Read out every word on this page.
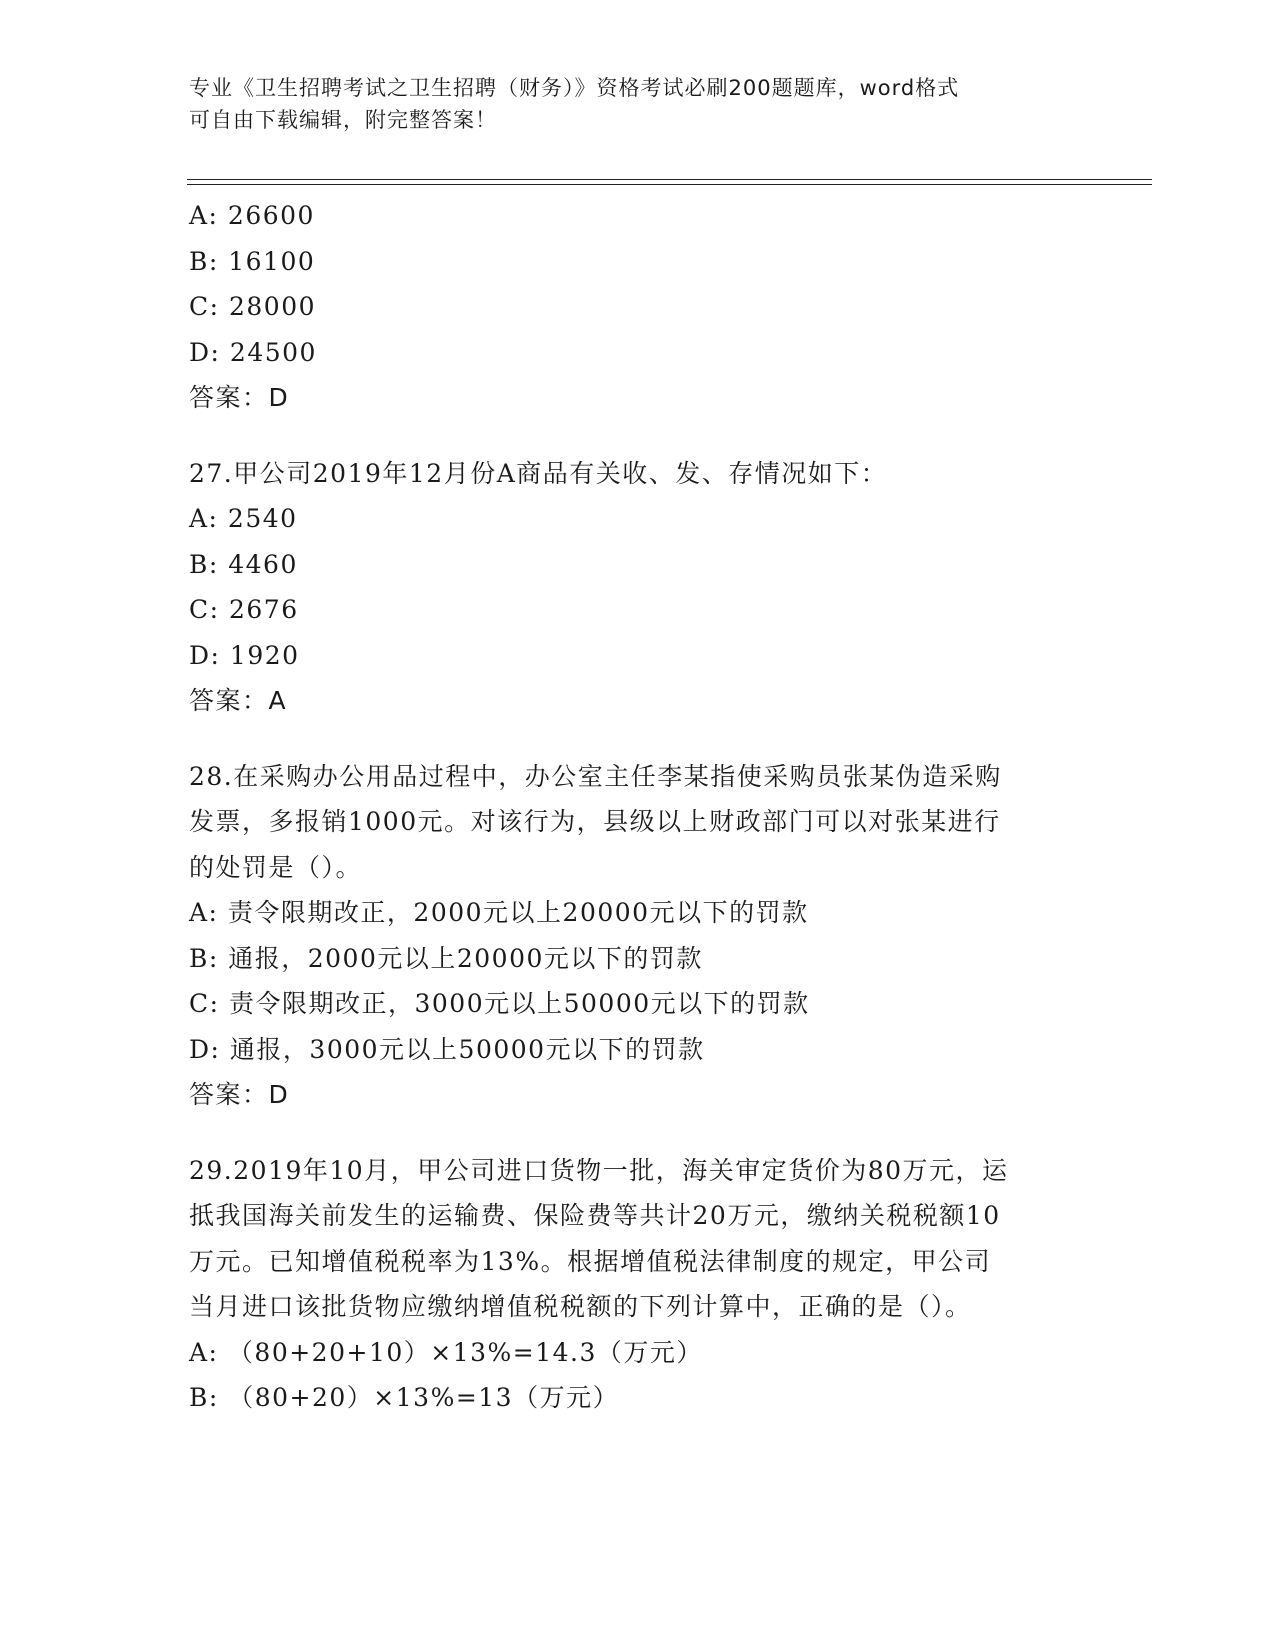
专业《卫生招聘考试之卫生招聘（财务）》资格考试必刷200题题库，word格式
可自由下载编辑，附完整答案！
A: 26600
B: 16100
C: 28000
D: 24500
答案：D
27.甲公司2019年12月份A商品有关收、发、存情况如下：
A: 2540
B: 4460
C: 2676
D: 1920
答案：A
28.在采购办公用品过程中，办公室主任李某指使采购员张某伪造采购
发票，多报销1000元。对该行为，县级以上财政部门可以对张某进行
的处罚是（）。
A: 责令限期改正，2000元以上20000元以下的罚款
B: 通报，2000元以上20000元以下的罚款
C: 责令限期改正，3000元以上50000元以下的罚款
D: 通报，3000元以上50000元以下的罚款
答案：D
29.2019年10月，甲公司进口货物一批，海关审定货价为80万元，运
抵我国海关前发生的运输费、保险费等共计20万元，缴纳关税税额10
万元。已知增值税税率为13%。根据增值税法律制度的规定，甲公司
当月进口该批货物应缴纳增值税税额的下列计算中，正确的是（）。
A: （80+20+10）×13%=14.3（万元）
B: （80+20）×13%=13（万元）
